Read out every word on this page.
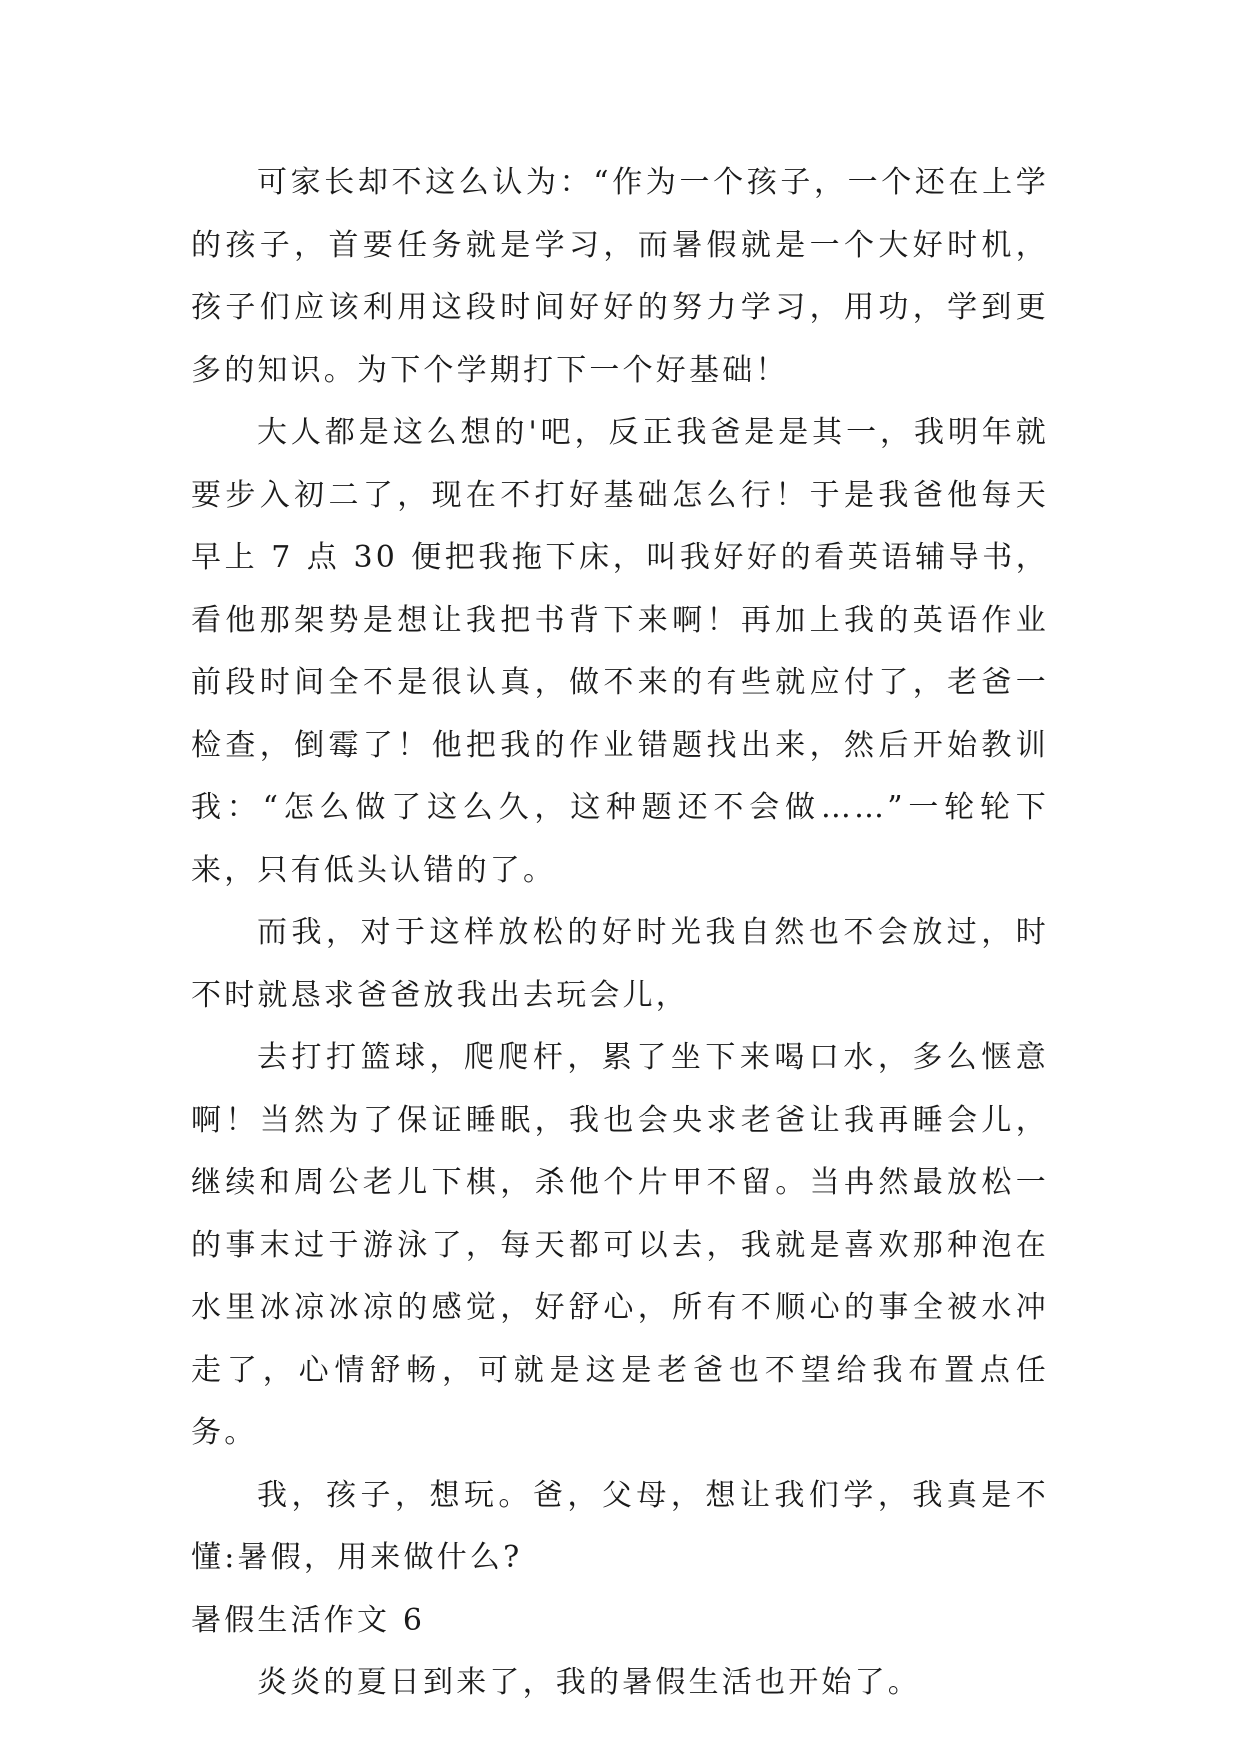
可家长却不这么认为：“作为一个孩子，一个还在上学的孩子，首要任务就是学习，而暑假就是一个大好时机，孩子们应该利用这段时间好好的努力学习，用功，学到更多的知识。为下个学期打下一个好基础！

大人都是这么想的'吧，反正我爸是是其一，我明年就要步入初二了，现在不打好基础怎么行！于是我爸他每天早上 7 点 30 便把我拖下床，叫我好好的看英语辅导书，看他那架势是想让我把书背下来啊！再加上我的英语作业前段时间全不是很认真，做不来的有些就应付了，老爸一检查，倒霉了！他把我的作业错题找出来，然后开始教训我：“怎么做了这么久，这种题还不会做……”一轮轮下来，只有低头认错的了。

而我，对于这样放松的好时光我自然也不会放过，时不时就恳求爸爸放我出去玩会儿，

去打打篮球，爬爬杆，累了坐下来喝口水，多么惬意啊！当然为了保证睡眠，我也会央求老爸让我再睡会儿，继续和周公老儿下棋，杀他个片甲不留。当冉然最放松一的事末过于游泳了，每天都可以去，我就是喜欢那种泡在水里冰凉冰凉的感觉，好舒心，所有不顺心的事全被水冲走了，心情舒畅，可就是这是老爸也不望给我布置点任务。

我，孩子，想玩。爸，父母，想让我们学，我真是不懂:暑假，用来做什么?

暑假生活作文 6

炎炎的夏日到来了，我的暑假生活也开始了。
